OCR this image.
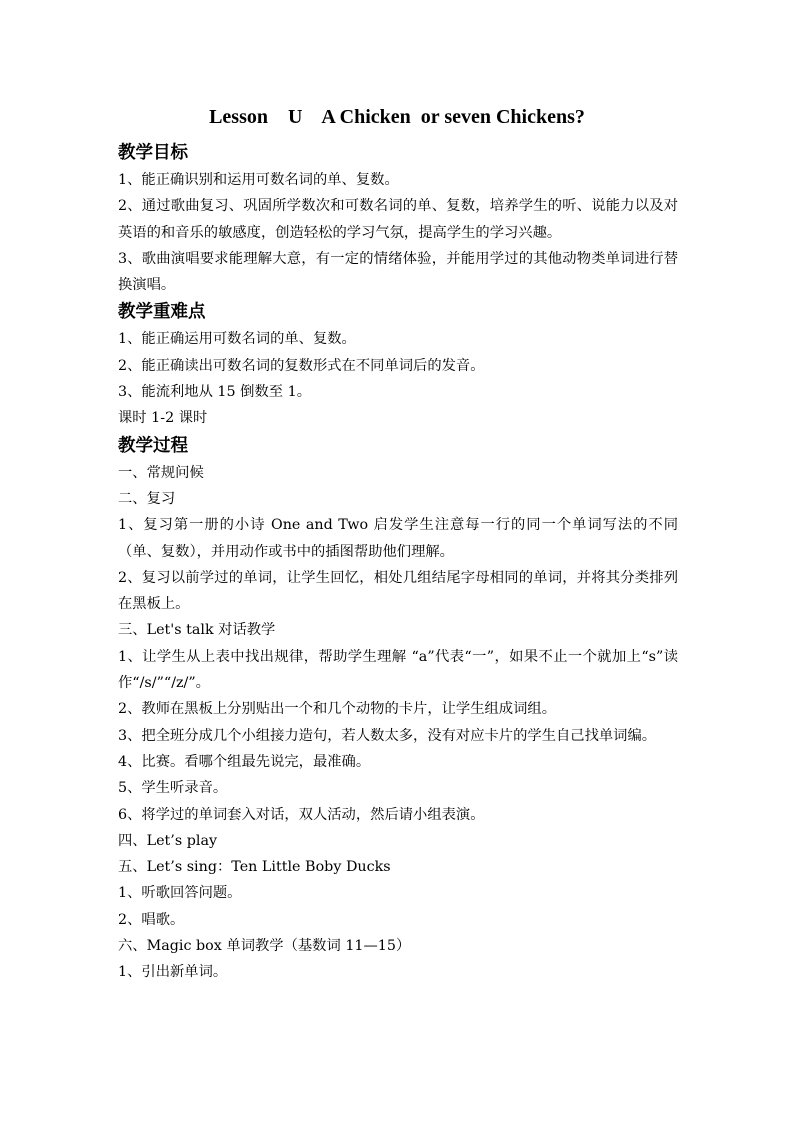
Lesson    U    A Chicken  or seven Chickens?
教学目标
1、能正确识别和运用可数名词的单、复数。
2、通过歌曲复习、巩固所学数次和可数名词的单、复数，培养学生的听、说能力以及对英语的和音乐的敏感度，创造轻松的学习气氛，提高学生的学习兴趣。
3、歌曲演唱要求能理解大意，有一定的情绪体验，并能用学过的其他动物类单词进行替换演唱。
教学重难点
1、能正确运用可数名词的单、复数。
2、能正确读出可数名词的复数形式在不同单词后的发音。
3、能流利地从 15 倒数至 1。
课时 1-2 课时
教学过程
一、常规问候
二、复习
1、复习第一册的小诗 One and Two 启发学生注意每一行的同一个单词写法的不同（单、复数），并用动作或书中的插图帮助他们理解。
2、复习以前学过的单词，让学生回忆，相处几组结尾字母相同的单词，并将其分类排列在黑板上。
三、Let's talk 对话教学
1、让学生从上表中找出规律，帮助学生理解 “a”代表“一”，如果不止一个就加上“s”读作“/s/”“/z/”。
2、教师在黑板上分别贴出一个和几个动物的卡片，让学生组成词组。
3、把全班分成几个小组接力造句，若人数太多，没有对应卡片的学生自己找单词编。
4、比赛。看哪个组最先说完，最准确。
5、学生听录音。
6、将学过的单词套入对话，双人活动，然后请小组表演。
四、Let’s play
五、Let’s sing：Ten Little Boby Ducks
1、听歌回答问题。
2、唱歌。
六、Magic box 单词教学（基数词 11—15）
1、引出新单词。
